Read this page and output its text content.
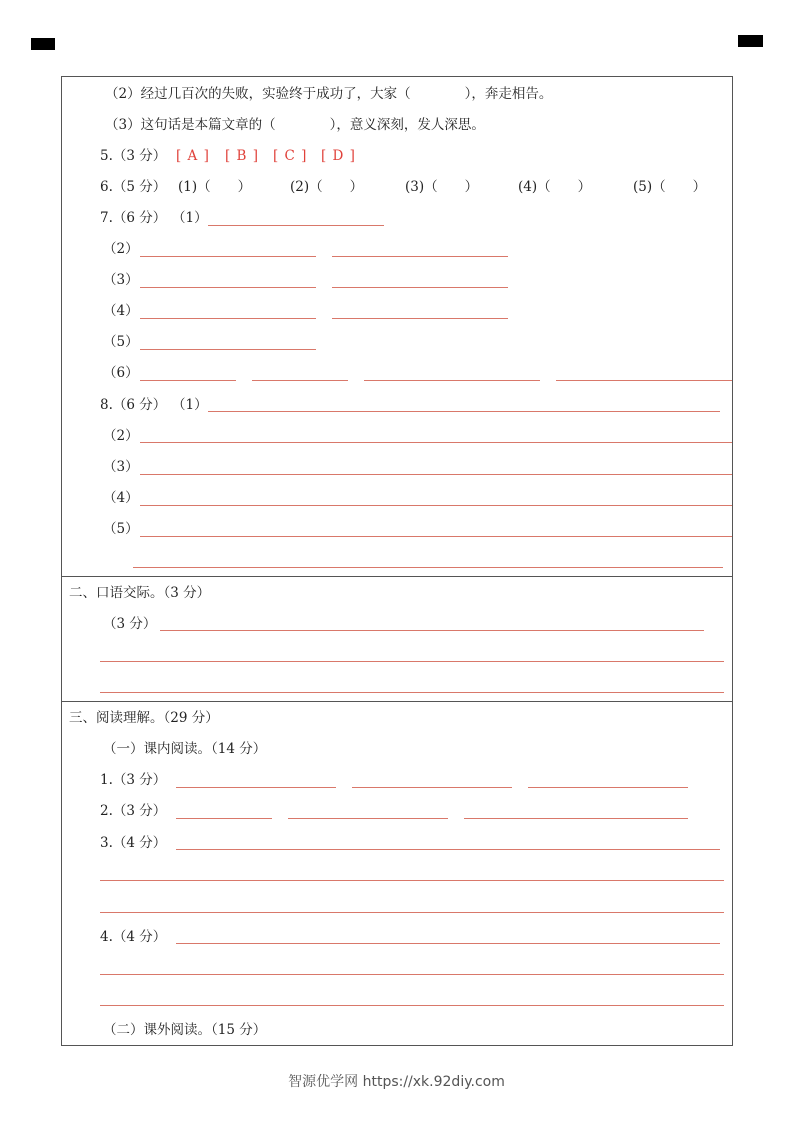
（2）经过几百次的失败，实验终于成功了，大家（　　　　），奔走相告。
（3）这句话是本篇文章的（　　　　），意义深刻，发人深思。
5.（3 分） [ A ] [ B ] [ C ] [ D ]
6.（5 分） (1)（　　）	(2)（　　）	(3)（　　）	(4)（　　）	(5)（　　）
7.（6 分） （1）
（2）
（3）
（4）
（5）
（6）
8.（6 分） （1）
（2）
（3）
（4）
（5）
二、口语交际。（3 分）
（3 分）
三、阅读理解。（29 分）
（一）课内阅读。（14 分）
1.（3 分）
2.（3 分）
3.（4 分）
4.（4 分）
（二）课外阅读。（15 分）
智源优学网 https://xk.92diy.com
